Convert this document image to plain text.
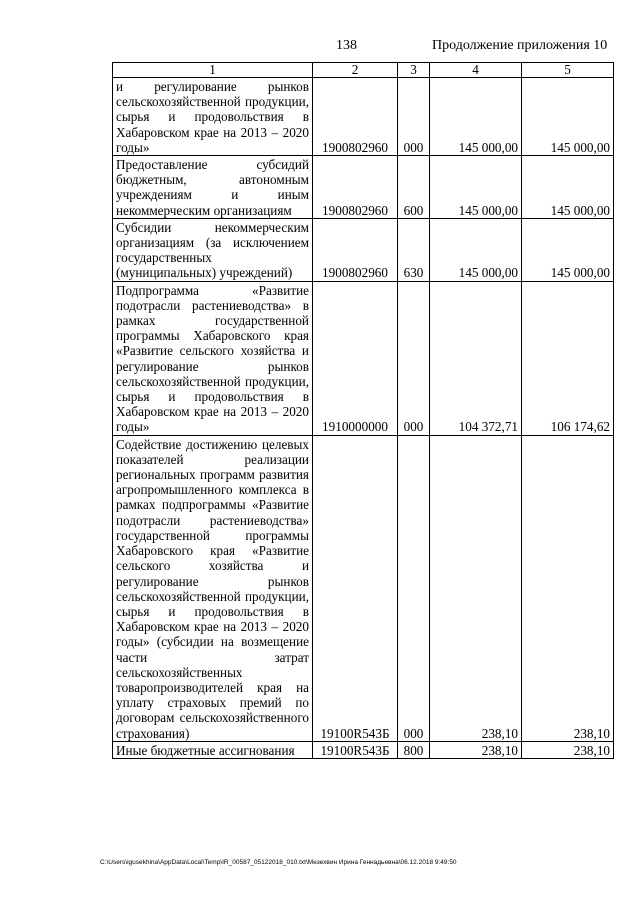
138	Продолжение приложения 10
1	2	3	4	5
и регулирование рынков сельскохозяйственной продукции, сырья и продовольствия в Хабаровском крае на 2013 – 2020 годы»	1900802960	000	145 000,00	145 000,00
Предоставление субсидий бюджетным, автономным учреждениям и иным некоммерческим организациям	1900802960	600	145 000,00	145 000,00
Субсидии некоммерческим организациям (за исключением государственных (муниципальных) учреждений)	1900802960	630	145 000,00	145 000,00
Подпрограмма «Развитие подотрасли растениеводства» в рамках государственной программы Хабаровского края «Развитие сельского хозяйства и регулирование рынков сельскохозяйственной продукции, сырья и продовольствия в Хабаровском крае на 2013 – 2020 годы»	1910000000	000	104 372,71	106 174,62
Содействие достижению целевых показателей реализации региональных программ развития агропромышленного комплекса в рамках подпрограммы «Развитие подотрасли растениеводства» государственной программы Хабаровского края «Развитие сельского хозяйства и регулирование рынков сельскохозяйственной продукции, сырья и продовольствия в Хабаровском крае на 2013 – 2020 годы» (субсидии на возмещение части затрат сельскохозяйственных товаропроизводителей края на уплату страховых премий по договорам сельскохозяйственного страхования)	19100R543Б	000	238,10	238,10
Иные бюджетные ассигнования	19100R543Б	800	238,10	238,10
C:\Users\igusekhina\AppData\Local\Temp\IR_00587_05122018_010.txt\Мезехвин Ирина Геннадьевна\06.12.2018 9:49:50
